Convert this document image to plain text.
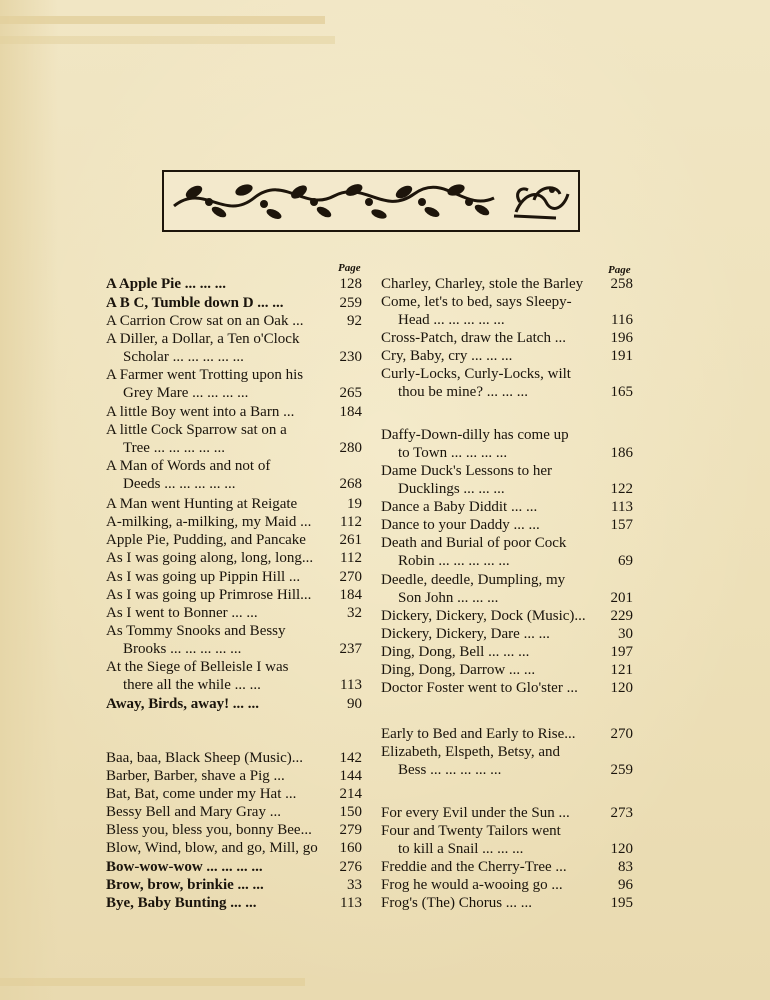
Page	Page
A Apple Pie ... ... ...	128
A B C, Tumble down D ... ...	259
A Carrion Crow sat on an Oak ...	92
A Diller, a Dollar, a Ten o'Clock
Scholar ... ... ... ... ...	230
A Farmer went Trotting upon his
Grey Mare ... ... ... ...	265
A little Boy went into a Barn ...	184
A little Cock Sparrow sat on a
Tree ... ... ... ... ...	280
A Man of Words and not of
Deeds ... ... ... ... ...	268
A Man went Hunting at Reigate	19
A-milking, a-milking, my Maid ...	112
Apple Pie, Pudding, and Pancake	261
As I was going along, long, long...	112
As I was going up Pippin Hill ...	270
As I was going up Primrose Hill...	184
As I went to Bonner ... ...	32
As Tommy Snooks and Bessy
Brooks ... ... ... ... ...	237
At the Siege of Belleisle I was
there all the while ... ...	113
Away, Birds, away! ... ...	90
Baa, baa, Black Sheep (Music)...	142
Barber, Barber, shave a Pig ...	144
Bat, Bat, come under my Hat ...	214
Bessy Bell and Mary Gray ...	150
Bless you, bless you, bonny Bee...	279
Blow, Wind, blow, and go, Mill, go	160
Bow-wow-wow ... ... ... ...	276
Brow, brow, brinkie ... ...	33
Bye, Baby Bunting ... ...	113
Charley, Charley, stole the Barley	258
Come, let's to bed, says Sleepy-
Head ... ... ... ... ...	116
Cross-Patch, draw the Latch ...	196
Cry, Baby, cry ... ... ...	191
Curly-Locks, Curly-Locks, wilt
thou be mine? ... ... ...	165
Daffy-Down-dilly has come up
to Town ... ... ... ...	186
Dame Duck's Lessons to her
Ducklings ... ... ...	122
Dance a Baby Diddit ... ...	113
Dance to your Daddy ... ...	157
Death and Burial of poor Cock
Robin ... ... ... ... ...	69
Deedle, deedle, Dumpling, my
Son John ... ... ...	201
Dickery, Dickery, Dock (Music)...	229
Dickery, Dickery, Dare ... ...	30
Ding, Dong, Bell ... ... ...	197
Ding, Dong, Darrow ... ...	121
Doctor Foster went to Glo'ster ...	120
Early to Bed and Early to Rise...	270
Elizabeth, Elspeth, Betsy, and
Bess ... ... ... ... ...	259
For every Evil under the Sun ...	273
Four and Twenty Tailors went
to kill a Snail ... ... ...	120
Freddie and the Cherry-Tree ...	83
Frog he would a-wooing go ...	96
Frog's (The) Chorus ... ...	195
